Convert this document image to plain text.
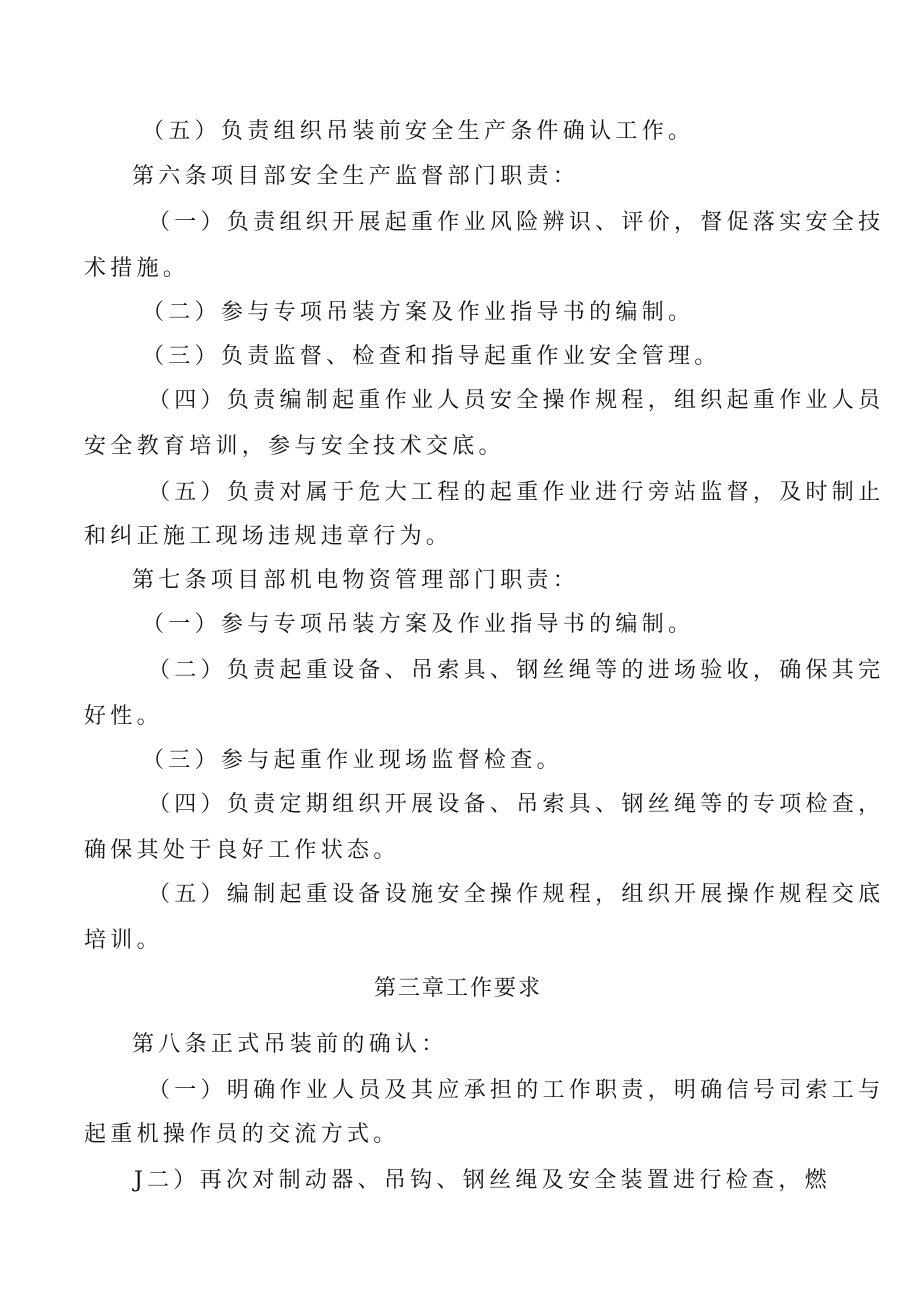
（五）负责组织吊装前安全生产条件确认工作。
第六条项目部安全生产监督部门职责：
（一）负责组织开展起重作业风险辨识、评价，督促落实安全技
术措施。
（二）参与专项吊装方案及作业指导书的编制。
（三）负责监督、检查和指导起重作业安全管理。
（四）负责编制起重作业人员安全操作规程，组织起重作业人员
安全教育培训，参与安全技术交底。
（五）负责对属于危大工程的起重作业进行旁站监督，及时制止
和纠正施工现场违规违章行为。
第七条项目部机电物资管理部门职责：
（一）参与专项吊装方案及作业指导书的编制。
（二）负责起重设备、吊索具、钢丝绳等的进场验收，确保其完
好性。
（三）参与起重作业现场监督检查。
（四）负责定期组织开展设备、吊索具、钢丝绳等的专项检查，
确保其处于良好工作状态。
（五）编制起重设备设施安全操作规程，组织开展操作规程交底
培训。
第三章工作要求
第八条正式吊装前的确认：
（一）明确作业人员及其应承担的工作职责，明确信号司索工与
起重机操作员的交流方式。
J二）再次对制动器、吊钩、钢丝绳及安全装置进行检查，燃
